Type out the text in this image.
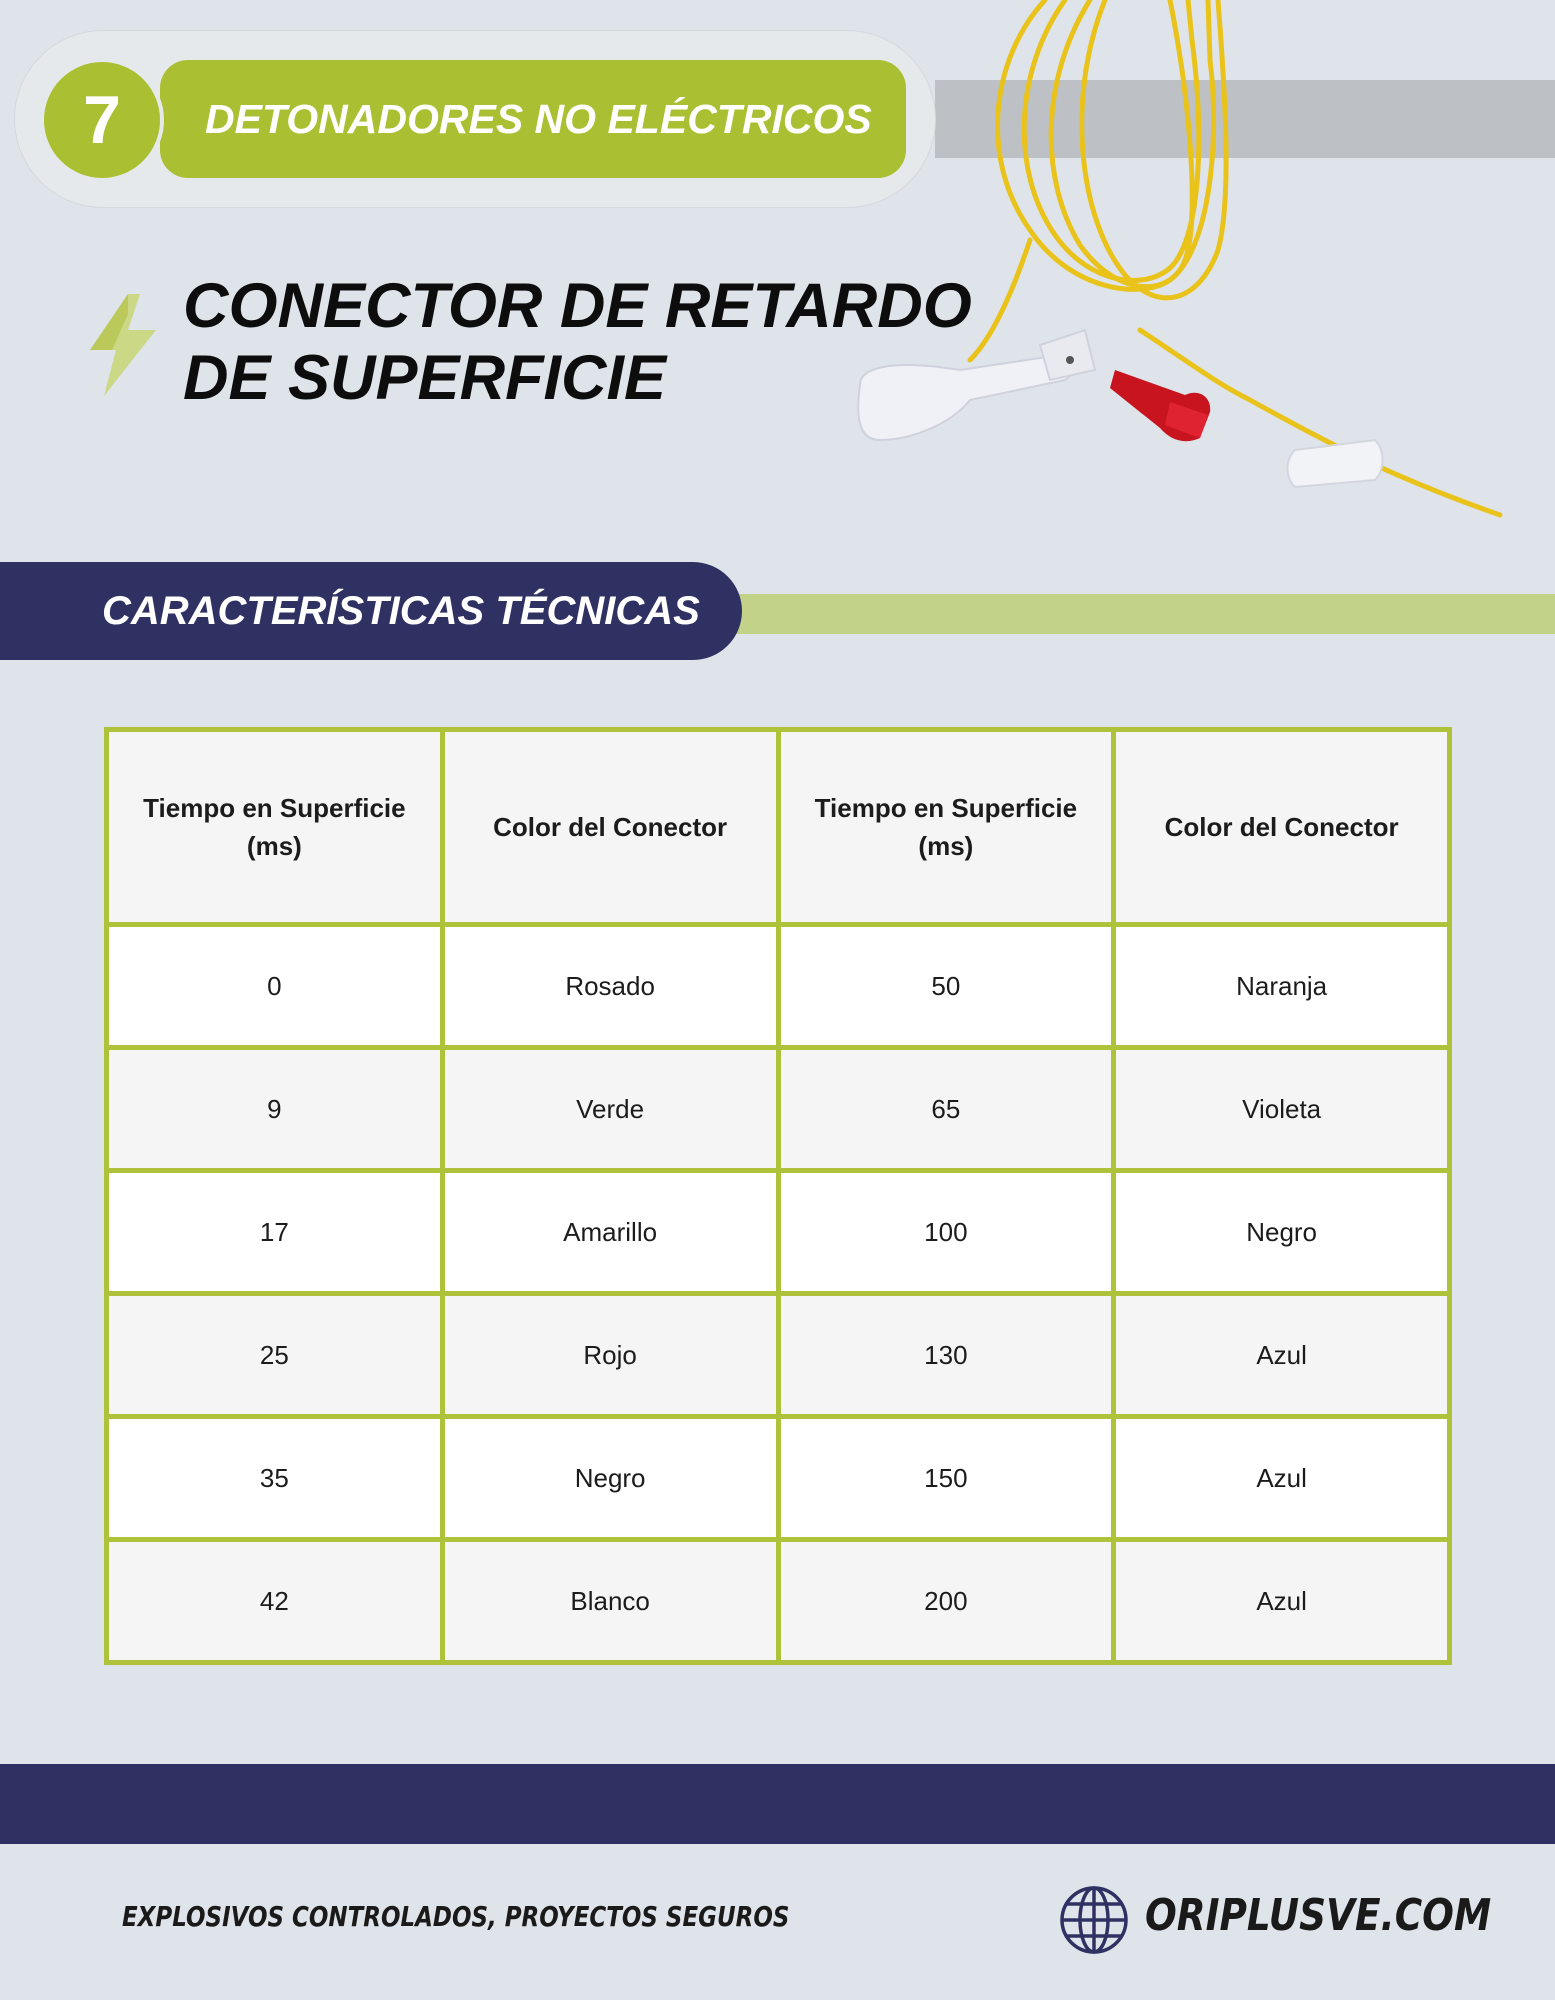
DETONADORES NO ELÉCTRICOS
7
CONECTOR DE RETARDO
DE SUPERFICIE
CARACTERÍSTICAS TÉCNICAS
Tiempo en Superficie (ms)	Color del Conector	Tiempo en Superficie (ms)	Color del Conector
0	Rosado	50	Naranja
9	Verde	65	Violeta
17	Amarillo	100	Negro
25	Rojo	130	Azul
35	Negro	150	Azul
42	Blanco	200	Azul
EXPLOSIVOS CONTROLADOS, PROYECTOS SEGUROS	ORIPLUSVE.COM
